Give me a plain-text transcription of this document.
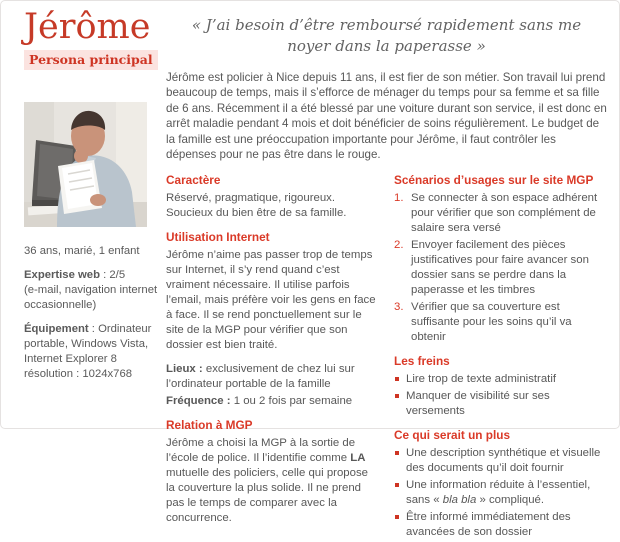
Jérôme
Persona principal

36 ans, marié, 1 enfant

Expertise web : 2/5
(e-mail, navigation internet occasionnelle)

Équipement : Ordinateur portable, Windows Vista, Internet Explorer 8
résolution : 1024x768

« J’ai besoin d’être remboursé rapidement sans me noyer dans la paperasse »

Jérôme est policier à Nice depuis 11 ans, il est fier de son métier. Son travail lui prend beaucoup de temps, mais il s’efforce de ménager du temps pour sa femme et sa fille de 6 ans. Récemment il a été blessé par une voiture durant son service, il est donc en arrêt maladie pendant 4 mois et doit bénéficier de soins régulièrement. Le budget de la famille est une préoccupation importante pour Jérôme, il faut contrôler les dépenses pour ne pas être dans le rouge.

Caractère

Réservé, pragmatique, rigoureux. Soucieux du bien être de sa famille.

Utilisation Internet

Jérôme n’aime pas passer trop de temps sur Internet, il s’y rend quand c’est vraiment nécessaire. Il utilise parfois l’email, mais préfère voir les gens en face à face. Il se rend ponctuellement sur le site de la MGP pour vérifier que son dossier est bien traité.

Lieux : exclusivement de chez lui sur l’ordinateur portable de la famille

Fréquence : 1 ou 2 fois par semaine

Relation à MGP

Jérôme a choisi la MGP à la sortie de l’école de police. Il l’identifie comme LA mutuelle des policiers, celle qui propose la couverture la plus solide. Il ne prend pas le temps de comparer avec la concurrence.

Scénarios d’usages sur le site MGP
1. Se connecter à son espace adhérent pour vérifier que son complément de salaire sera versé
2. Envoyer facilement des pièces justificatives pour faire avancer son dossier sans se perdre dans la paperasse et les timbres
3. Vérifier que sa couverture est suffisante pour les soins qu’il va obtenir
Les freins
Lire trop de texte administratif
Manquer de visibilité sur ses versements
Ce qui serait un plus
Une description synthétique et visuelle des documents qu’il doit fournir
Une information réduite à l’essentiel, sans « bla bla » compliqué.
Être informé immédiatement des avancées de son dossier
